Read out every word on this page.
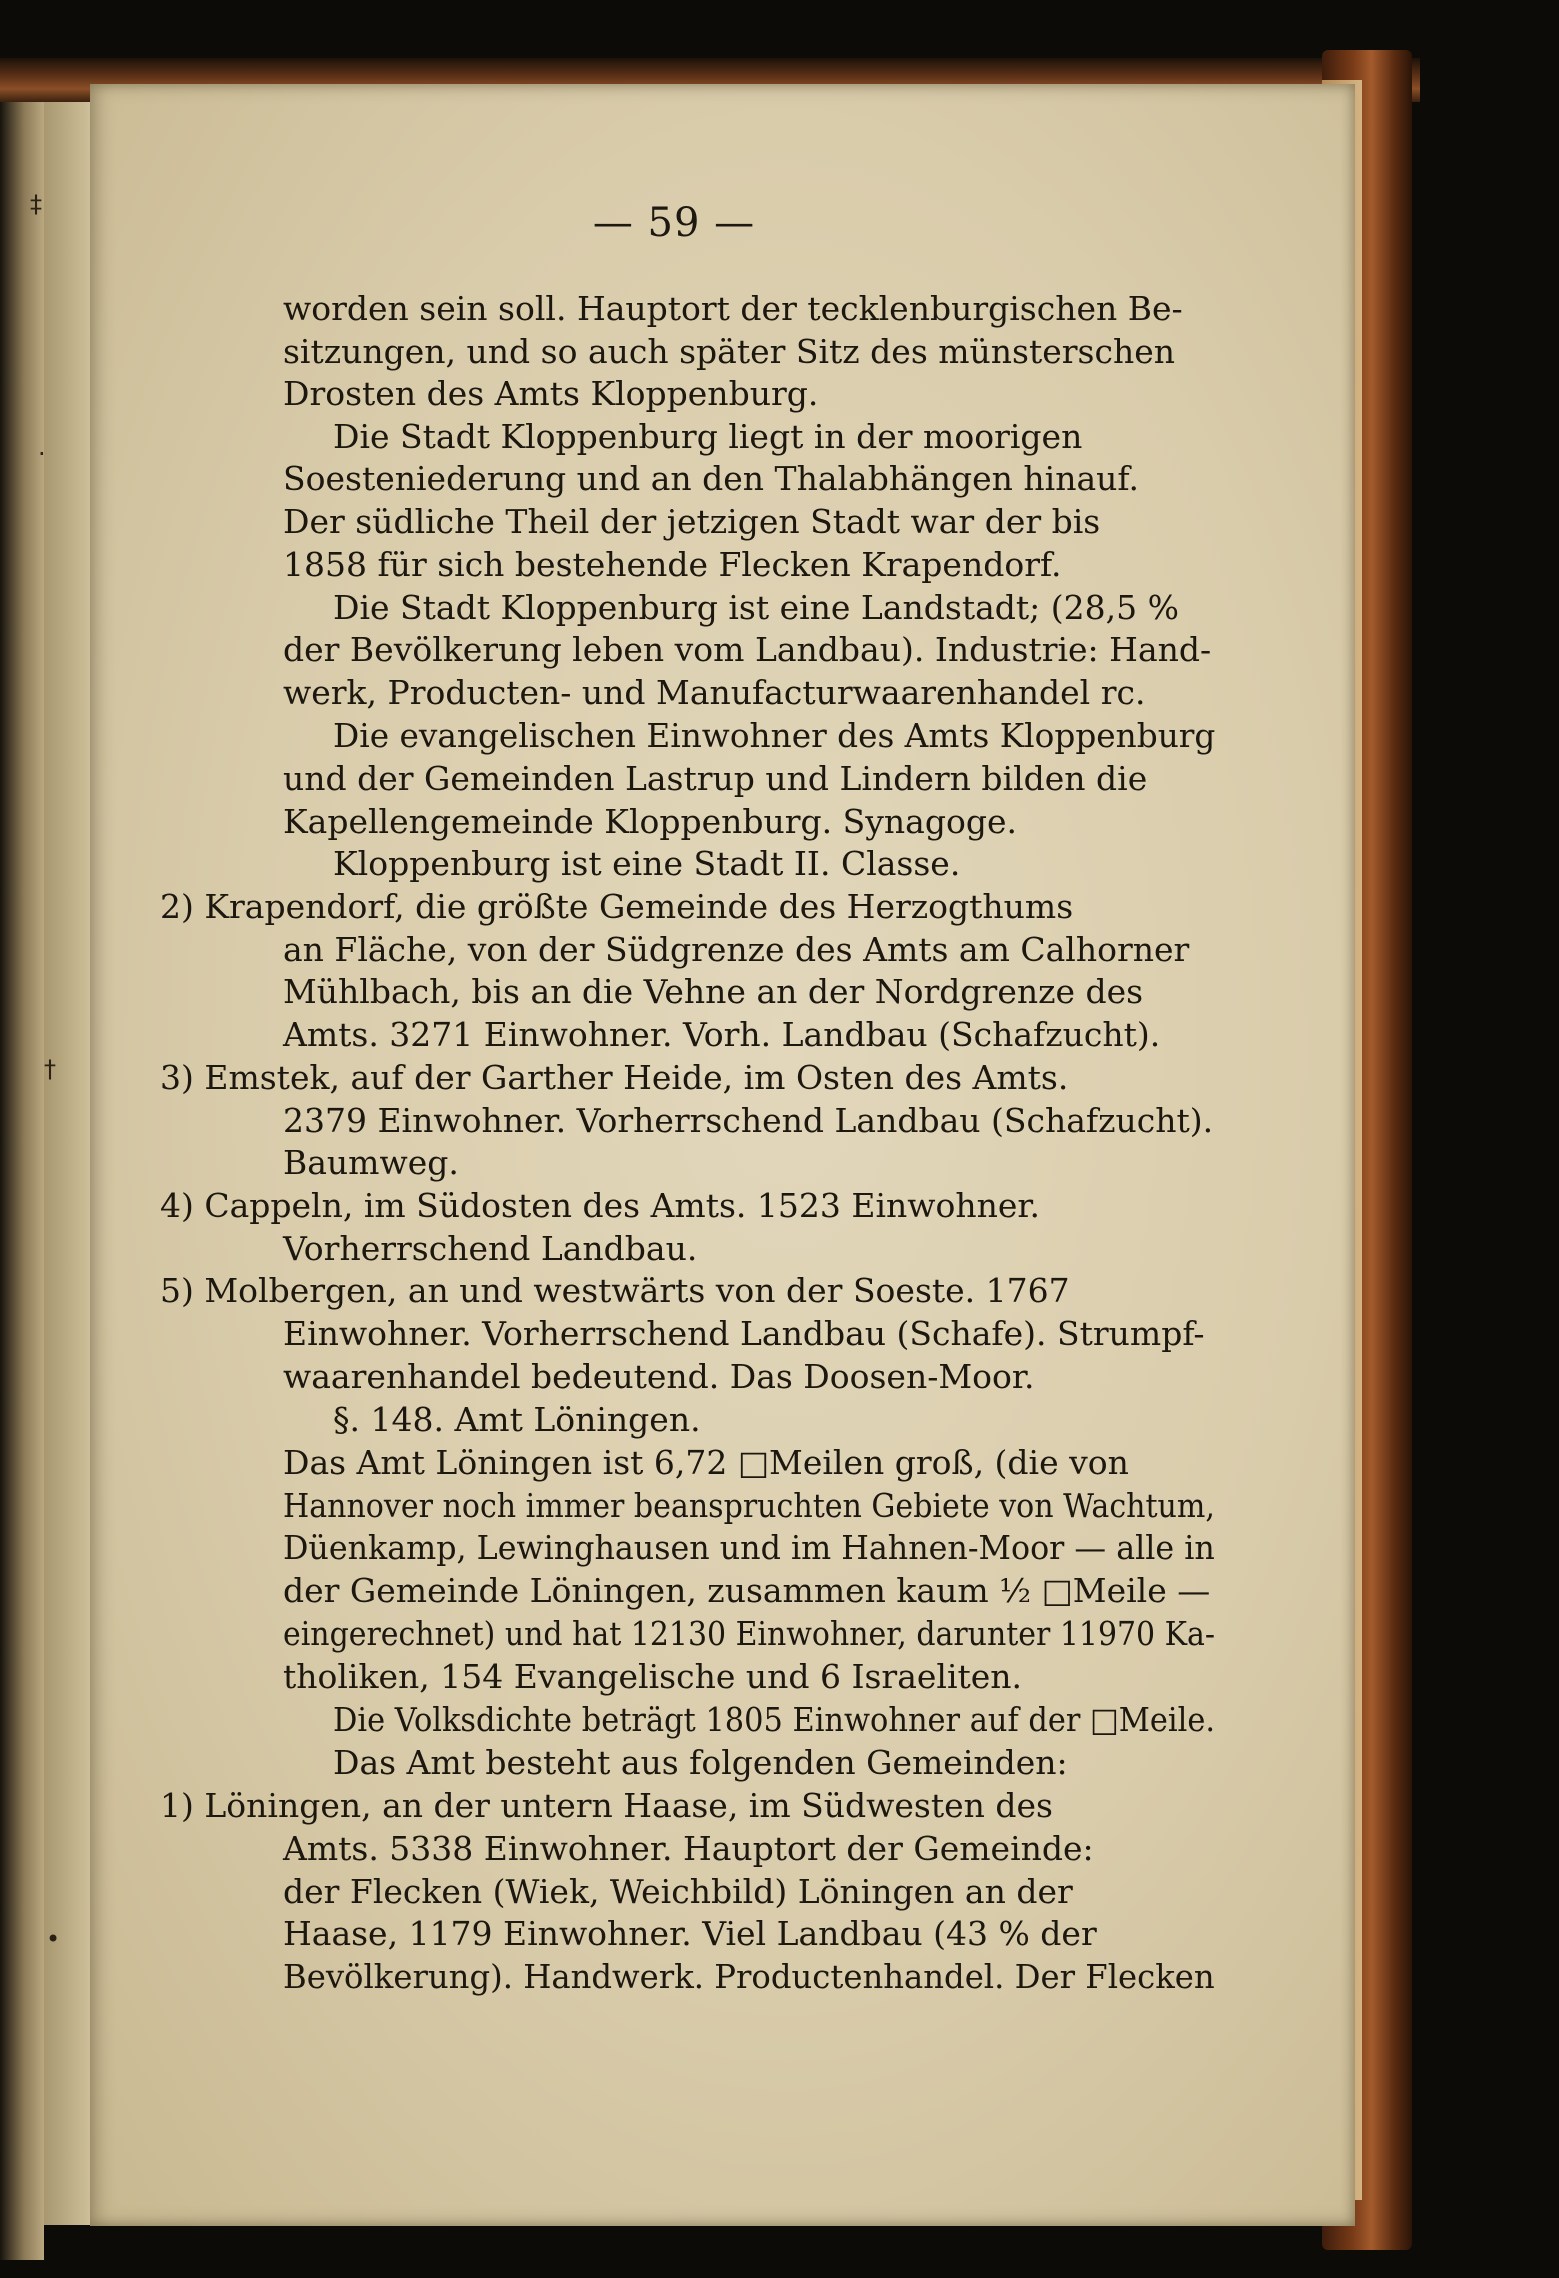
‡
·
†
•
— 59 —
worden sein soll. Hauptort der tecklenburgischen Be-
sitzungen, und so auch später Sitz des münsterschen
Drosten des Amts Kloppenburg.
Die Stadt Kloppenburg liegt in der moorigen
Soesteniederung und an den Thalabhängen hinauf.
Der südliche Theil der jetzigen Stadt war der bis
1858 für sich bestehende Flecken Krapendorf.
Die Stadt Kloppenburg ist eine Landstadt; (28,5 %
der Bevölkerung leben vom Landbau). Industrie: Hand-
werk, Producten- und Manufacturwaarenhandel rc.
Die evangelischen Einwohner des Amts Kloppenburg
und der Gemeinden Lastrup und Lindern bilden die
Kapellengemeinde Kloppenburg. Synagoge.
Kloppenburg ist eine Stadt II. Classe.
2) Krapendorf, die größte Gemeinde des Herzogthums
an Fläche, von der Südgrenze des Amts am Calhorner
Mühlbach, bis an die Vehne an der Nordgrenze des
Amts. 3271 Einwohner. Vorh. Landbau (Schafzucht).
3) Emstek, auf der Garther Heide, im Osten des Amts.
2379 Einwohner. Vorherrschend Landbau (Schafzucht).
Baumweg.
4) Cappeln, im Südosten des Amts. 1523 Einwohner.
Vorherrschend Landbau.
5) Molbergen, an und westwärts von der Soeste. 1767
Einwohner. Vorherrschend Landbau (Schafe). Strumpf-
waarenhandel bedeutend. Das Doosen-Moor.
§. 148. Amt Löningen.
Das Amt Löningen ist 6,72 □Meilen groß, (die von
Hannover noch immer beanspruchten Gebiete von Wachtum,
Düenkamp, Lewinghausen und im Hahnen-Moor — alle in
der Gemeinde Löningen, zusammen kaum ½ □Meile —
eingerechnet) und hat 12130 Einwohner, darunter 11970 Ka-
tholiken, 154 Evangelische und 6 Israeliten.
Die Volksdichte beträgt 1805 Einwohner auf der □Meile.
Das Amt besteht aus folgenden Gemeinden:
1) Löningen, an der untern Haase, im Südwesten des
Amts. 5338 Einwohner. Hauptort der Gemeinde:
der Flecken (Wiek, Weichbild) Löningen an der
Haase, 1179 Einwohner. Viel Landbau (43 % der
Bevölkerung). Handwerk. Productenhandel. Der Flecken
